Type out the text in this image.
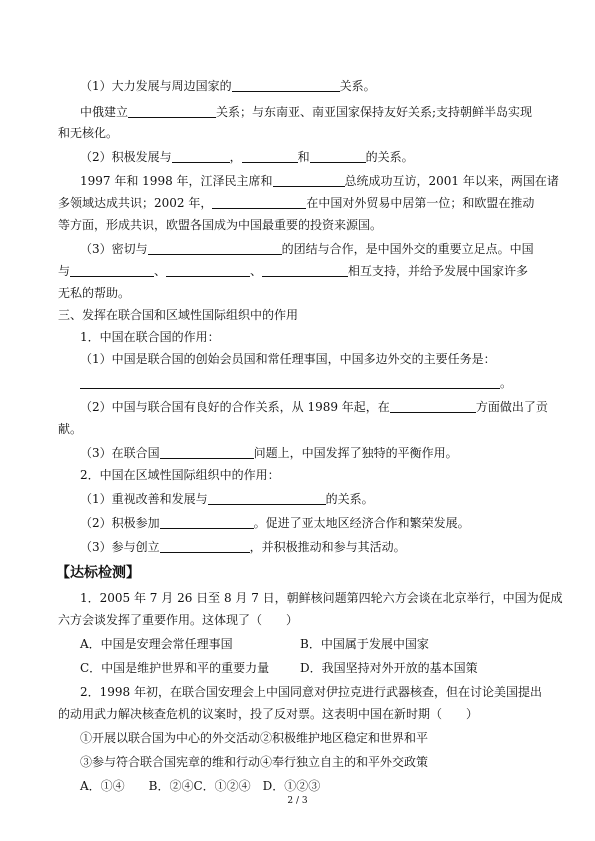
（1）大力发展与周边国家的	关系。
中俄建立	关系；与东南亚、南亚国家保持友好关系;支持朝鲜半岛实现
和无核化。
（2）积极发展与	，	和	的关系。
1997 年和 1998 年，江泽民主席和	总统成功互访，2001 年以来，两国在诸
多领域达成共识；2002 年，	在中国对外贸易中居第一位；和欧盟在推动
等方面，形成共识，欧盟各国成为中国最重要的投资来源国。
（3）密切与	的团结与合作，是中国外交的重要立足点。中国
与	、	、	相互支持，并给予发展中国家许多
无私的帮助。
三、发挥在联合国和区域性国际组织中的作用
1．中国在联合国的作用：
（1）中国是联合国的创始会员国和常任理事国，中国多边外交的主要任务是：
。
（2）中国与联合国有良好的合作关系，从 1989 年起，在	方面做出了贡
献。
（3）在联合国	问题上，中国发挥了独特的平衡作用。
2．中国在区域性国际组织中的作用：
（1）重视改善和发展与	的关系。
（2）积极参加	。促进了亚太地区经济合作和繁荣发展。
（3）参与创立	，并积极推动和参与其活动。
【达标检测】
1．2005 年 7 月 26 日至 8 月 7 日，朝鲜核问题第四轮六方会谈在北京举行，中国为促成
六方会谈发挥了重要作用。这体现了（　　）
A．中国是安理会常任理事国	B．中国属于发展中国家
C．中国是维护世界和平的重要力量	D．我国坚持对外开放的基本国策
2．1998 年初，在联合国安理会上中国同意对伊拉克进行武器核查，但在讨论美国提出
的动用武力解决核查危机的议案时，投了反对票。这表明中国在新时期（　　）
①开展以联合国为中心的外交活动②积极维护地区稳定和世界和平
③参与符合联合国宪章的维和行动④奉行独立自主的和平外交政策
A．①④　　B．②④C．①②④　D．①②③
2 / 3
